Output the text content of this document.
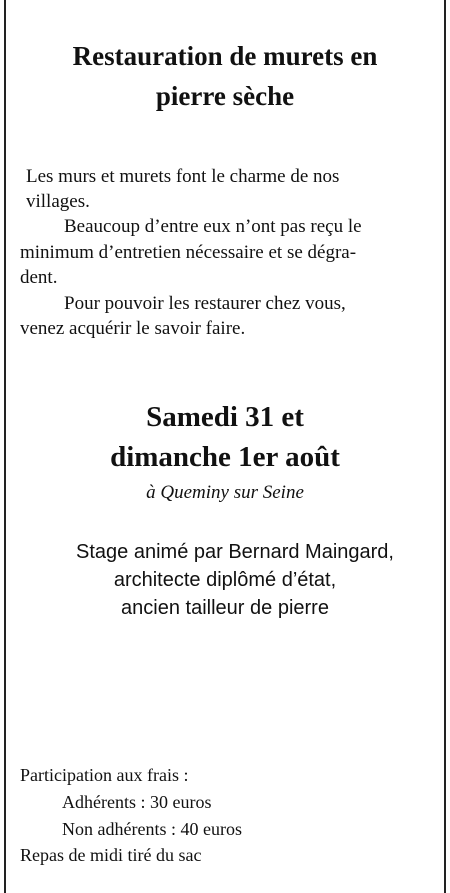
Restauration de murets en
pierre sèche
Les murs et murets font le charme de nos
villages.
Beaucoup d’entre eux n’ont pas reçu le
minimum d’entretien nécessaire et se dégra-
dent.
Pour pouvoir les restaurer chez vous,
venez acquérir le savoir faire.
Samedi 31 et
dimanche 1er août
à Queminy sur Seine
Stage animé par Bernard Maingard,
architecte diplômé d’état,
ancien tailleur de pierre
Participation aux frais :
Adhérents : 30 euros
Non adhérents : 40 euros
Repas de midi tiré du sac
